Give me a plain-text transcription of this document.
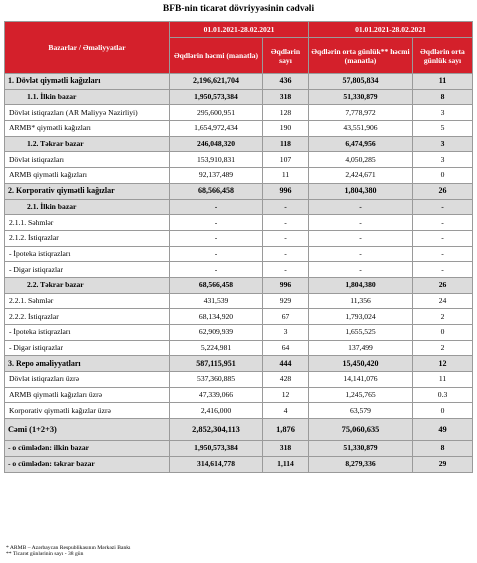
BFB-nin ticarət dövriyyəsinin cədvəli
Bazarlar / Əməliyyatlar	01.01.2021-28.02.2021		01.01.2021-28.02.2021	
	Əqdlərin həcmi (manatla)	Əqdlərin sayı	Əqdlərin orta günlük** həcmi (manatla)	Əqdlərin orta günlük sayı
1. Dövlət qiymətli kağızları	2,196,621,704	436	57,805,834	11
1.1. İlkin bazar	1,950,573,384	318	51,330,879	8
Dövlət istiqrazları (AR Maliyyə Nazirliyi)	295,600,951	128	7,778,972	3
ARMB* qiymətli kağızları	1,654,972,434	190	43,551,906	5
1.2. Təkrar bazar	246,048,320	118	6,474,956	3
Dövlət istiqrazları	153,910,831	107	4,050,285	3
ARMB qiymətli kağızları	92,137,489	11	2,424,671	0
2. Korporativ qiymətli kağızlar	68,566,458	996	1,804,380	26
2.1. İlkin bazar	-	-	-	-
2.1.1. Səhmlər	-	-	-	-
2.1.2. İstiqrazlar	-	-	-	-
- İpoteka istiqrazları	-	-	-	-
- Digər istiqrazlar	-	-	-	-
2.2. Təkrar bazar	68,566,458	996	1,804,380	26
2.2.1. Səhmlər	431,539	929	11,356	24
2.2.2. İstiqrazlar	68,134,920	67	1,793,024	2
- İpoteka istiqrazları	62,909,939	3	1,655,525	0
- Digər istiqrazlar	5,224,981	64	137,499	2
3. Repo əməliyyatları	587,115,951	444	15,450,420	12
Dövlət istiqrazları üzrə	537,360,885	428	14,141,076	11
ARMB qiymətli kağızları üzrə	47,339,066	12	1,245,765	0.3
Korporativ qiymətli kağızlar üzrə	2,416,000	4	63,579	0
Cəmi (1+2+3)	2,852,304,113	1,876	75,060,635	49
- o cümlədən: ilkin bazar	1,950,573,384	318	51,330,879	8
- o cümlədən: təkrar bazar	314,614,778	1,114	8,279,336	29
* ARMB – Azərbaycan Respublikasının Mərkəzi Bankı
** Ticarət günlərinin sayı - 38 gün
